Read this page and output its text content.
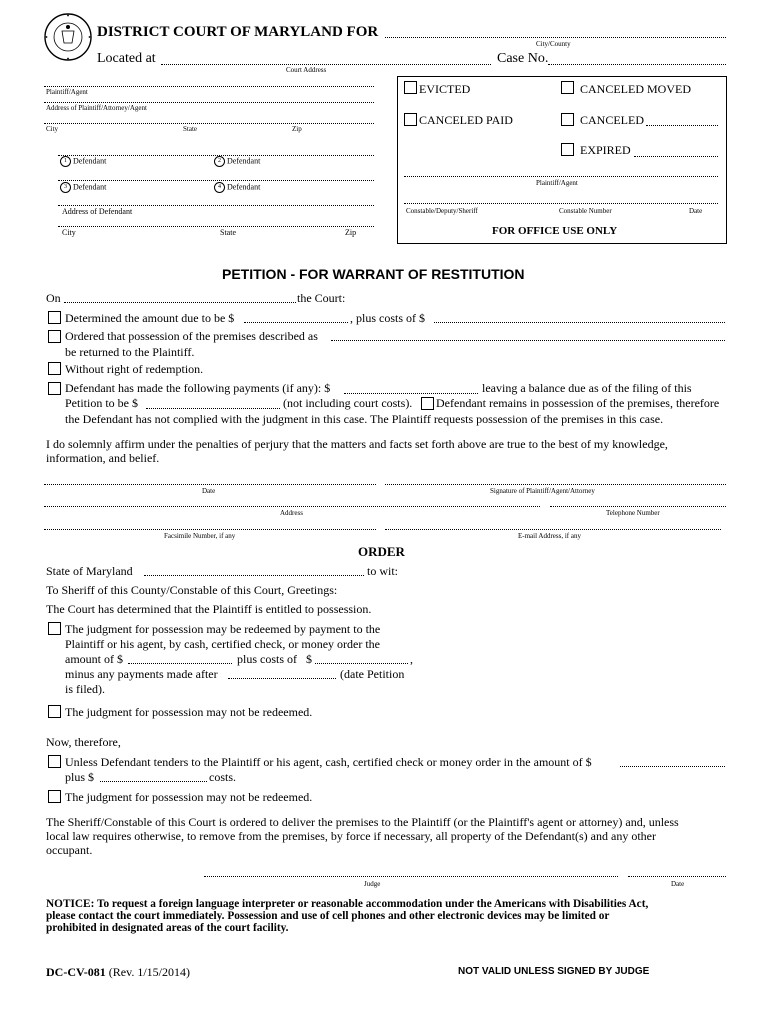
DISTRICT COURT OF MARYLAND FOR
City/County
Located at
Court Address
Case No.
Plaintiff/Agent
Address of Plaintiff/Attorney/Agent
City	State	Zip
1 Defendant	2 Defendant
3 Defendant	4 Defendant
Address of Defendant
City	State	Zip
EVICTED	CANCELED MOVED
CANCELED PAID	CANCELED
EXPIRED
Plaintiff/Agent
Constable/Deputy/Sheriff	Constable Number	Date
FOR OFFICE USE ONLY
PETITION - FOR WARRANT OF RESTITUTION
On	the Court:
Determined the amount due to be $	, plus costs of $
Ordered that possession of the premises described as
be returned to the Plaintiff.
Without right of redemption.
Defendant has made the following payments (if any): $	leaving a balance due as of the filing of this
Petition to be $	(not including court costs). Defendant remains in possession of the premises, therefore
the Defendant has not complied with the judgment in this case. The Plaintiff requests possession of the premises in this case.
I do solemnly affirm under the penalties of perjury that the matters and facts set forth above are true to the best of my knowledge,
information, and belief.
Date	Signature of Plaintiff/Agent/Attorney
Address	Telephone Number
Facsimile Number, if any	E-mail Address, if any
ORDER
State of Maryland	to wit:
To Sheriff of this County/Constable of this Court, Greetings:
The Court has determined that the Plaintiff is entitled to possession.
The judgment for possession may be redeemed by payment to the
Plaintiff or his agent, by cash, certified check, or money order the
amount of $	plus costs of $	,
minus any payments made after	(date Petition
is filed).
The judgment for possession may not be redeemed.
Now, therefore,
Unless Defendant tenders to the Plaintiff or his agent, cash, certified check or money order in the amount of $
plus $	costs.
The judgment for possession may not be redeemed.
The Sheriff/Constable of this Court is ordered to deliver the premises to the Plaintiff (or the Plaintiff's agent or attorney) and, unless
local law requires otherwise, to remove from the premises, by force if necessary, all property of the Defendant(s) and any other
occupant.
Judge	Date
NOTICE: To request a foreign language interpreter or reasonable accommodation under the Americans with Disabilities Act,
please contact the court immediately. Possession and use of cell phones and other electronic devices may be limited or
prohibited in designated areas of the court facility.
DC-CV-081 (Rev. 1/15/2014)	NOT VALID UNLESS SIGNED BY JUDGE
